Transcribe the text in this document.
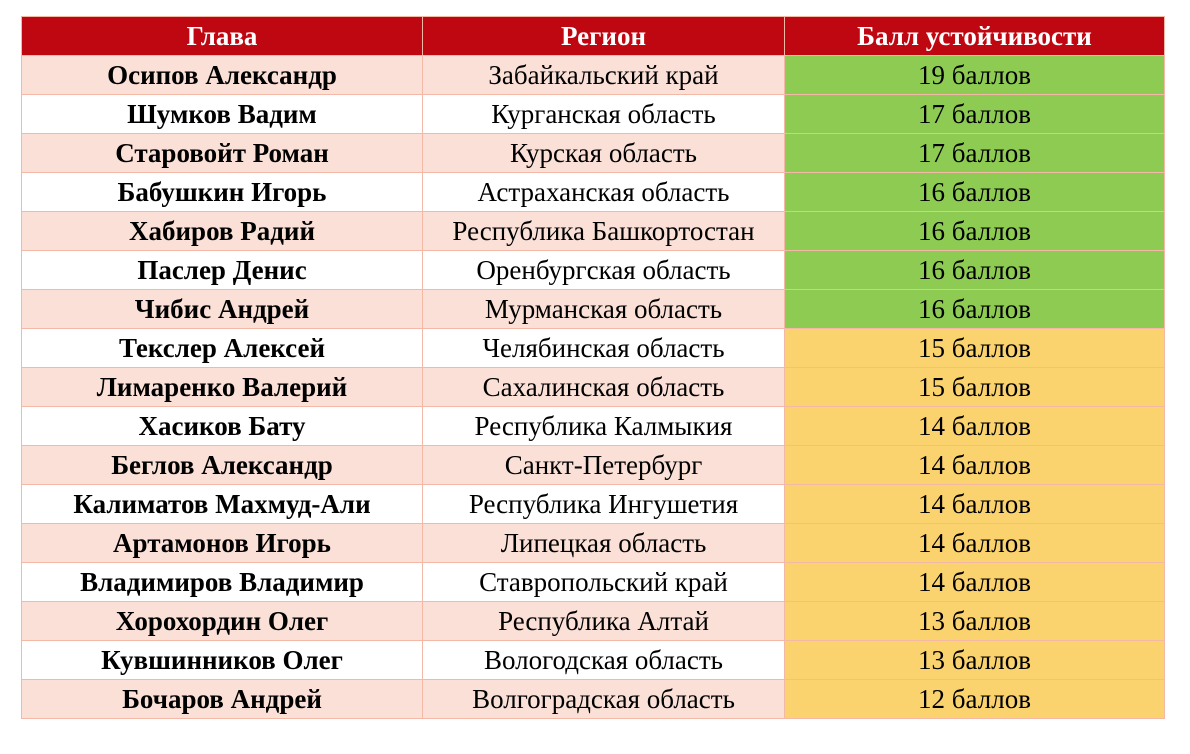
Глава	Регион	Балл устойчивости
Осипов Александр	Забайкальский край	19 баллов
Шумков Вадим	Курганская область	17 баллов
Старовойт Роман	Курская область	17 баллов
Бабушкин Игорь	Астраханская область	16 баллов
Хабиров Радий	Республика Башкортостан	16 баллов
Паслер Денис	Оренбургская область	16 баллов
Чибис Андрей	Мурманская область	16 баллов
Текслер Алексей	Челябинская область	15 баллов
Лимаренко Валерий	Сахалинская область	15 баллов
Хасиков Бату	Республика Калмыкия	14 баллов
Беглов Александр	Санкт-Петербург	14 баллов
Калиматов Махмуд-Али	Республика Ингушетия	14 баллов
Артамонов Игорь	Липецкая область	14 баллов
Владимиров Владимир	Ставропольский край	14 баллов
Хорохордин Олег	Республика Алтай	13 баллов
Кувшинников Олег	Вологодская область	13 баллов
Бочаров Андрей	Волгоградская область	12 баллов
